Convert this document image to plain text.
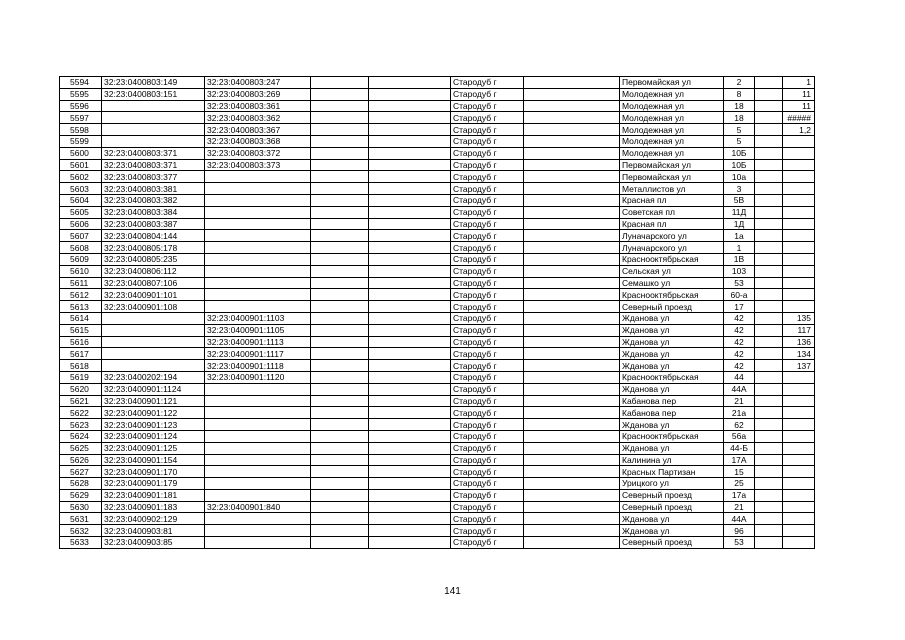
5594	32:23:0400803:149	32:23:0400803:247			Стародуб г		Первомайская ул	2		1
5595	32:23:0400803:151	32:23:0400803:269			Стародуб г		Молодежная ул	8		11
5596		32:23:0400803:361			Стародуб г		Молодежная ул	18		11
5597		32:23:0400803:362			Стародуб г		Молодежная ул	18		#####
5598		32:23:0400803:367			Стародуб г		Молодежная ул	5		1,2
5599		32:23:0400803:368			Стародуб г		Молодежная ул	5		
5600	32:23:0400803:371	32:23:0400803:372			Стародуб г		Молодежная ул	10Б		
5601	32:23:0400803:371	32:23:0400803:373			Стародуб г		Первомайская ул	10Б		
5602	32:23:0400803:377				Стародуб г		Первомайская ул	10а		
5603	32:23:0400803:381				Стародуб г		Металлистов ул	3		
5604	32:23:0400803:382				Стародуб г		Красная пл	5В		
5605	32:23:0400803:384				Стародуб г		Советская пл	11Д		
5606	32:23:0400803:387				Стародуб г		Красная пл	1Д		
5607	32:23:0400804:144				Стародуб г		Луначарского ул	1а		
5608	32:23:0400805:178				Стародуб г		Луначарского ул	1		
5609	32:23:0400805:235				Стародуб г		Краснооктябрьская	1В		
5610	32:23:0400806:112				Стародуб г		Сельская ул	103		
5611	32:23:0400807:106				Стародуб г		Семашко ул	53		
5612	32:23:0400901:101				Стародуб г		Краснооктябрьская	60-а		
5613	32:23:0400901:108				Стародуб г		Северный проезд	17		
5614		32:23:0400901:1103			Стародуб г		Жданова ул	42		135
5615		32:23:0400901:1105			Стародуб г		Жданова ул	42		117
5616		32:23:0400901:1113			Стародуб г		Жданова ул	42		136
5617		32:23:0400901:1117			Стародуб г		Жданова ул	42		134
5618		32:23:0400901:1118			Стародуб г		Жданова ул	42		137
5619	32:23:0400202:194	32:23:0400901:1120			Стародуб г		Краснооктябрьская	44		
5620	32:23:0400901:1124				Стародуб г		Жданова ул	44А		
5621	32:23:0400901:121				Стародуб г		Кабанова пер	21		
5622	32:23:0400901:122				Стародуб г		Кабанова пер	21а		
5623	32:23:0400901:123				Стародуб г		Жданова ул	62		
5624	32:23:0400901:124				Стародуб г		Краснооктябрьская	56а		
5625	32:23:0400901:125				Стародуб г		Жданова ул	44-Б		
5626	32:23:0400901:154				Стародуб г		Калинина ул	17А		
5627	32:23:0400901:170				Стародуб г		Красных Партизан	15		
5628	32:23:0400901:179				Стародуб г		Урицкого ул	25		
5629	32:23:0400901:181				Стародуб г		Северный проезд	17а		
5630	32:23:0400901:183	32:23:0400901:840			Стародуб г		Северный проезд	21		
5631	32:23:0400902:129				Стародуб г		Жданова ул	44А		
5632	32:23:0400903:81				Стародуб г		Жданова ул	96		
5633	32:23:0400903:85				Стародуб г		Северный проезд	53		
141
